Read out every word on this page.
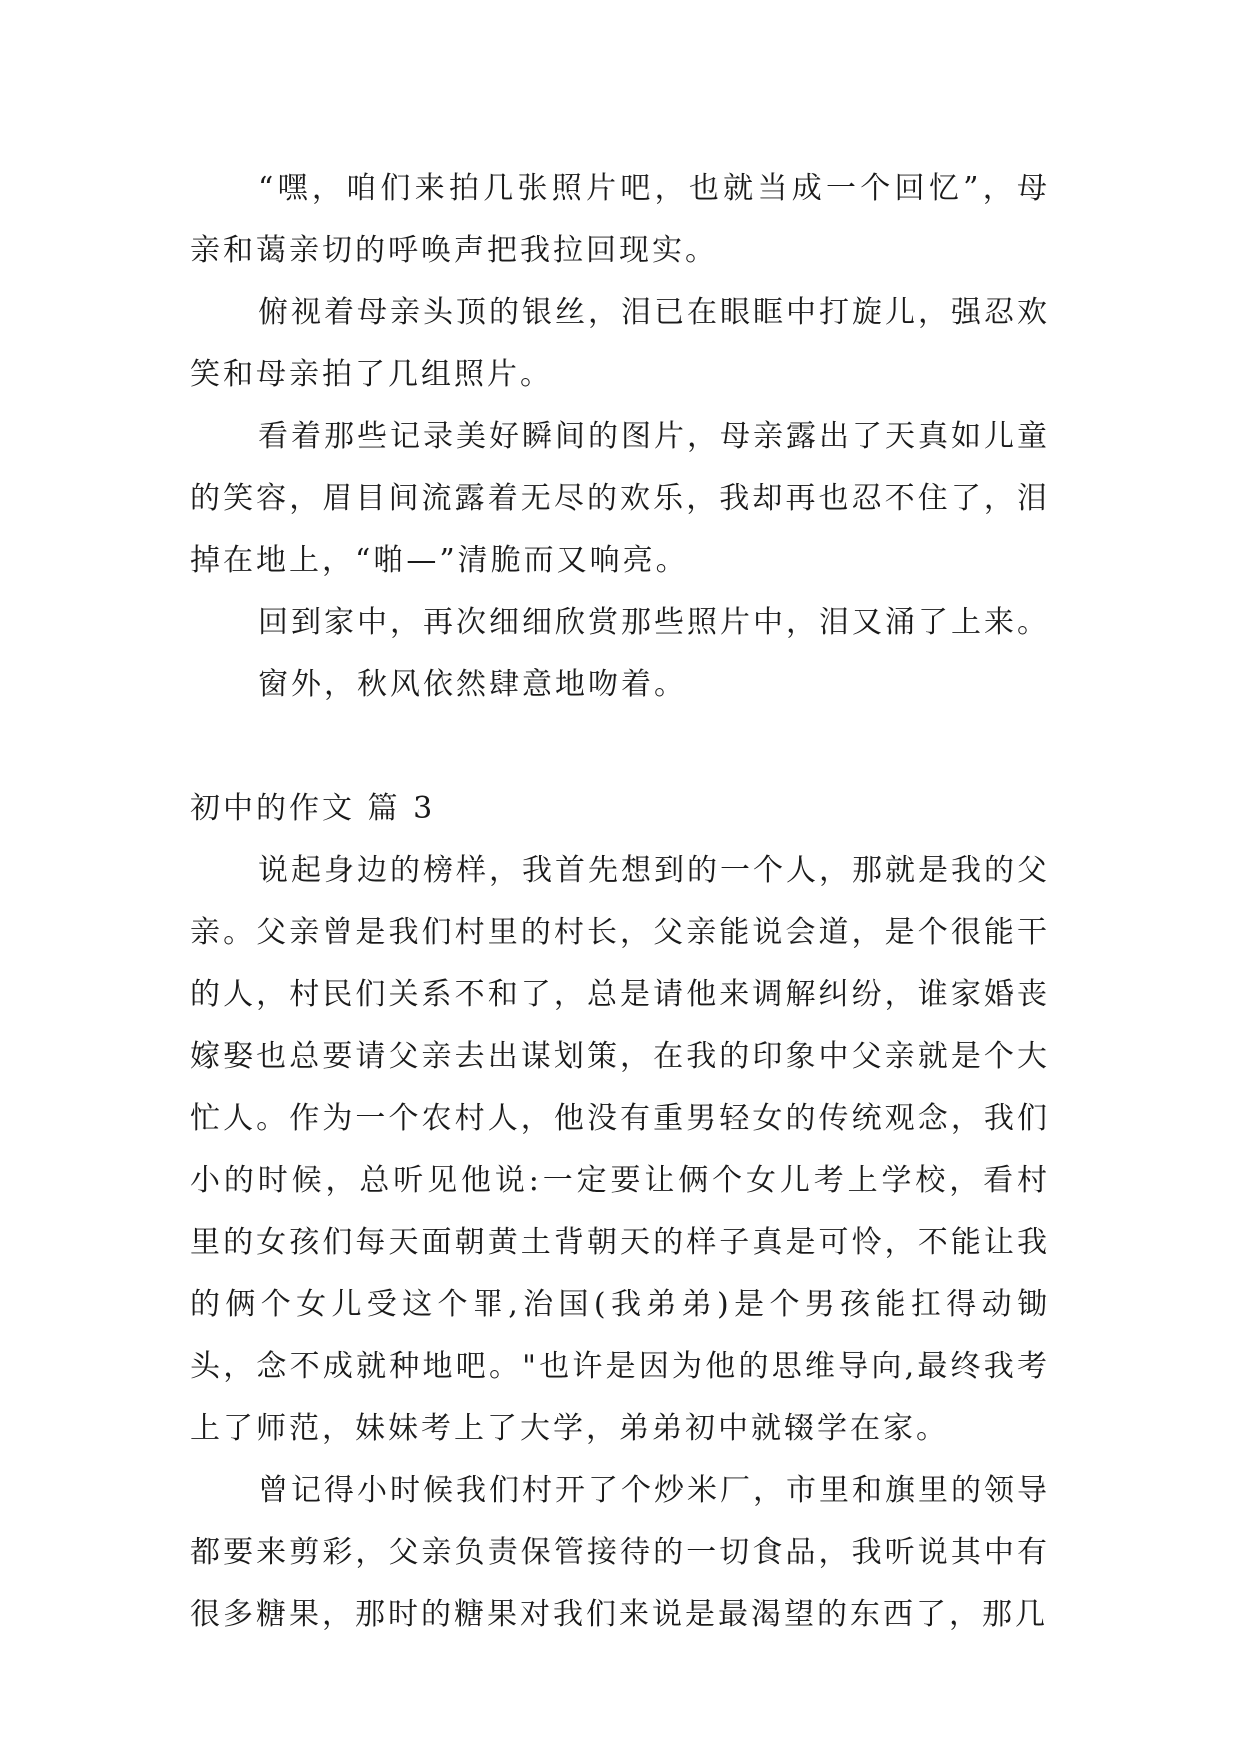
“嘿，咱们来拍几张照片吧，也就当成一个回忆”，母亲和蔼亲切的呼唤声把我拉回现实。

俯视着母亲头顶的银丝，泪已在眼眶中打旋儿，强忍欢笑和母亲拍了几组照片。

看着那些记录美好瞬间的图片，母亲露出了天真如儿童的笑容，眉目间流露着无尽的欢乐，我却再也忍不住了，泪掉在地上，“啪—”清脆而又响亮。

回到家中，再次细细欣赏那些照片中，泪又涌了上来。

窗外，秋风依然肆意地吻着。

初中的作文 篇 3

说起身边的榜样，我首先想到的一个人，那就是我的父亲。父亲曾是我们村里的村长，父亲能说会道，是个很能干的人，村民们关系不和了，总是请他来调解纠纷，谁家婚丧嫁娶也总要请父亲去出谋划策，在我的印象中父亲就是个大忙人。作为一个农村人，他没有重男轻女的传统观念，我们小的时候，总听见他说:一定要让俩个女儿考上学校，看村里的女孩们每天面朝黄土背朝天的样子真是可怜，不能让我的俩个女儿受这个罪,治国(我弟弟)是个男孩能扛得动锄头，念不成就种地吧。"也许是因为他的思维导向,最终我考上了师范，妹妹考上了大学，弟弟初中就辍学在家。

曾记得小时候我们村开了个炒米厂，市里和旗里的领导都要来剪彩，父亲负责保管接待的一切食品，我听说其中有很多糖果，那时的糖果对我们来说是最渴望的东西了，那几
